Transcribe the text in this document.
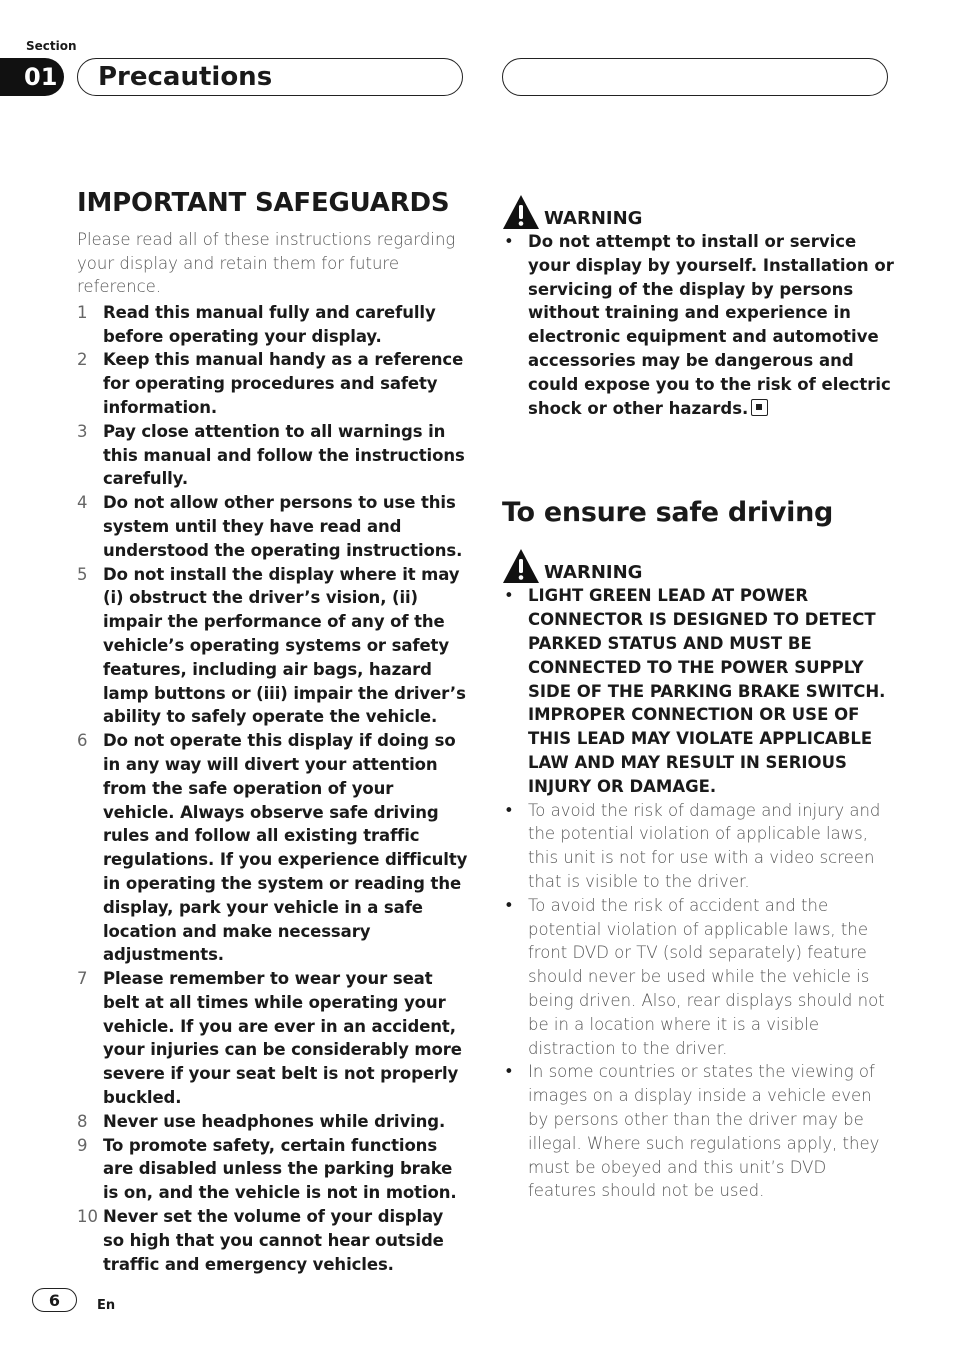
Section
01 Precautions
IMPORTANT SAFEGUARDS

Please read all of these instructions regarding your display and retain them for future reference.

1 Read this manual fully and carefully before operating your display.
2 Keep this manual handy as a reference for operating procedures and safety information.
3 Pay close attention to all warnings in this manual and follow the instructions carefully.
4 Do not allow other persons to use this system until they have read and understood the operating instructions.
5 Do not install the display where it may (i) obstruct the driver’s vision, (ii) impair the performance of any of the vehicle’s operating systems or safety features, including air bags, hazard lamp buttons or (iii) impair the driver’s ability to safely operate the vehicle.
6 Do not operate this display if doing so in any way will divert your attention from the safe operation of your vehicle. Always observe safe driving rules and follow all existing traffic regulations. If you experience difficulty in operating the system or reading the display, park your vehicle in a safe location and make necessary adjustments.
7 Please remember to wear your seat belt at all times while operating your vehicle. If you are ever in an accident, your injuries can be considerably more severe if your seat belt is not properly buckled.
8 Never use headphones while driving.
9 To promote safety, certain functions are disabled unless the parking brake is on, and the vehicle is not in motion.
10 Never set the volume of your display so high that you cannot hear outside traffic and emergency vehicles.
WARNING
• Do not attempt to install or service your display by yourself. Installation or servicing of the display by persons without training and experience in electronic equipment and automotive accessories may be dangerous and could expose you to the risk of electric shock or other hazards.
To ensure safe driving
WARNING
• LIGHT GREEN LEAD AT POWER CONNECTOR IS DESIGNED TO DETECT PARKED STATUS AND MUST BE CONNECTED TO THE POWER SUPPLY SIDE OF THE PARKING BRAKE SWITCH. IMPROPER CONNECTION OR USE OF THIS LEAD MAY VIOLATE APPLICABLE LAW AND MAY RESULT IN SERIOUS INJURY OR DAMAGE.
• To avoid the risk of damage and injury and the potential violation of applicable laws, this unit is not for use with a video screen that is visible to the driver.
• To avoid the risk of accident and the potential violation of applicable laws, the front DVD or TV (sold separately) feature should never be used while the vehicle is being driven. Also, rear displays should not be in a location where it is a visible distraction to the driver.
• In some countries or states the viewing of images on a display inside a vehicle even by persons other than the driver may be illegal. Where such regulations apply, they must be obeyed and this unit’s DVD features should not be used.
6	En
